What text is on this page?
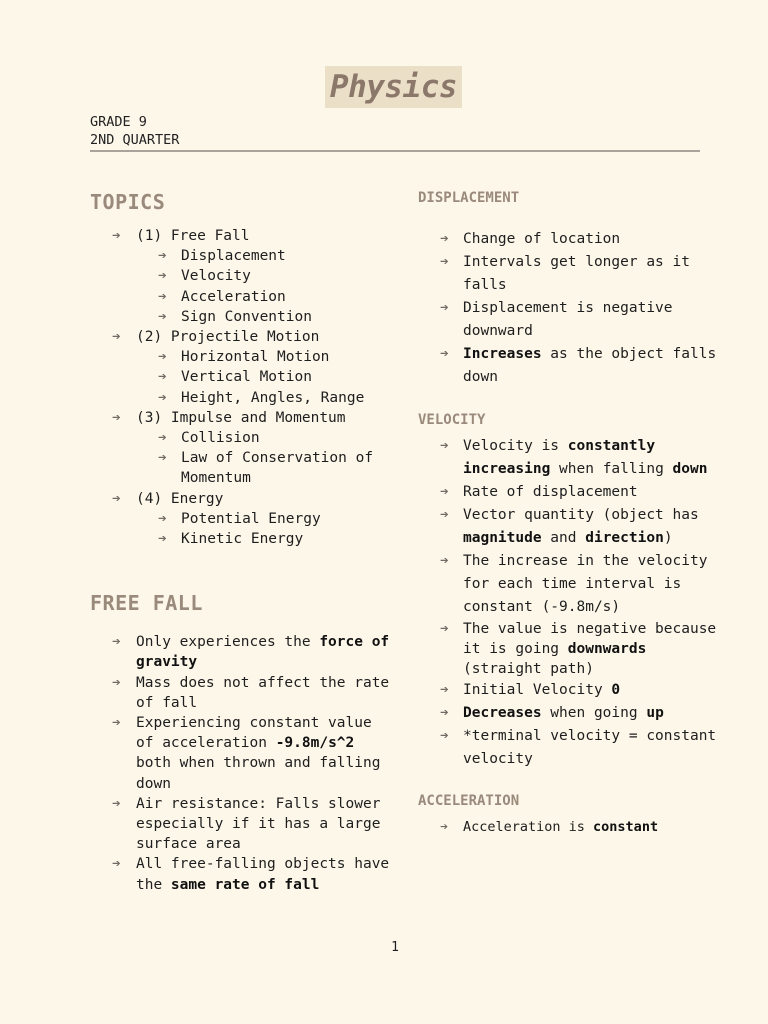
Physics
GRADE 9
2ND QUARTER
TOPICS
➔ (1) Free Fall
➔ Displacement
➔ Velocity
➔ Acceleration
➔ Sign Convention
➔ (2) Projectile Motion
➔ Horizontal Motion
➔ Vertical Motion
➔ Height, Angles, Range
➔ (3) Impulse and Momentum
➔ Collision
➔ Law of Conservation of Momentum
➔ (4) Energy
➔ Potential Energy
➔ Kinetic Energy
FREE FALL
➔ Only experiences the force of gravity
➔ Mass does not affect the rate of fall
➔ Experiencing constant value of acceleration -9.8m/s^2 both when thrown and falling down
➔ Air resistance: Falls slower especially if it has a large surface area
➔ All free-falling objects have the same rate of fall
DISPLACEMENT
➔ Change of location
➔ Intervals get longer as it falls
➔ Displacement is negative downward
➔ Increases as the object falls down
VELOCITY
➔ Velocity is constantly increasing when falling down
➔ Rate of displacement
➔ Vector quantity (object has magnitude and direction)
➔ The increase in the velocity for each time interval is constant (-9.8m/s)
➔ The value is negative because it is going downwards (straight path)
➔ Initial Velocity 0
➔ Decreases when going up
➔ *terminal velocity = constant velocity
ACCELERATION
➔ Acceleration is constant
1
